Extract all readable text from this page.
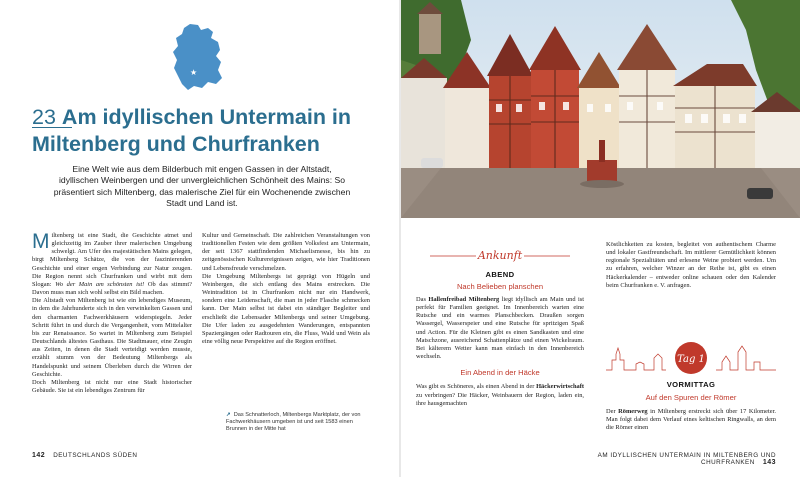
★
23 Am idyllischen Untermain in Miltenberg und Churfranken
Eine Welt wie aus dem Bilderbuch mit engen Gassen in der Altstadt, idyllischen Weinbergen und der unvergleichlichen Schönheit des Mains: So präsentiert sich Miltenberg, das malerische Ziel für ein Wochenende zwischen Stadt und Land ist.

Miltenberg ist eine Stadt, die Geschichte atmet und gleichzeitig im Zauber ihrer malerischen Umgebung schwelgt. Am Ufer des majestätischen Mains gelegen, birgt Miltenberg Schätze, die von der faszinierenden Geschichte und einer engen Verbindung zur Natur zeugen. Die Region nennt sich Churfranken und wirbt mit dem Slogan: Wo der Main am schönsten ist! Ob das stimmt? Davon muss man sich wohl selbst ein Bild machen.

Die Altstadt von Miltenberg ist wie ein lebendiges Museum, in dem die Jahrhunderte sich in den verwinkelten Gassen und den charmanten Fachwerkhäusern widerspiegeln. Jeder Schritt führt in und durch die Vergangenheit, vom Mittelalter bis zur Renaissance. So wartet in Miltenberg zum Beispiel Deutschlands ältestes Gasthaus. Die Stadtmauer, eine Zeugin aus Zeiten, in denen die Stadt verteidigt werden musste, erzählt stumm von der Bedeutung Miltenbergs als Handelspunkt und seinem Überleben durch die Wirren der Geschichte.

Doch Miltenberg ist nicht nur eine Stadt historischer Gebäude. Sie ist ein lebendiges Zentrum für

Kultur und Gemeinschaft. Die zahlreichen Veranstaltungen von traditionellen Festen wie dem größten Volksfest am Untermain, der seit 1367 stattfindenden Michaelismesse, bis hin zu zeitgenössischen Kulturereignissen zeigen, wie hier Traditionen und Lebensfreude verschmelzen.

Die Umgebung Miltenbergs ist geprägt von Hügeln und Weinbergen, die sich entlang des Mains erstrecken. Die Weintradition ist in Churfranken nicht nur ein Handwerk, sondern eine Leidenschaft, die man in jeder Flasche schmecken kann. Der Main selbst ist dabei ein ständiger Begleiter und erschließt die Lebensader Miltenbergs und seiner Umgebung. Die Ufer laden zu ausgedehnten Wanderungen, entspannten Spaziergängen oder Radtouren ein, die Fluss, Wald und Wein als eine völlig neue Perspektive auf die Region eröffnet.

↗ Das Schnatterloch, Miltenbergs Marktplatz, der von Fachwerkhäusern umgeben ist und seit 1583 einen Brunnen in der Mitte hat
142 DEUTSCHLANDS SÜDEN
Ankunft
ABEND
Nach Belieben planschen

Das Hallenfreibad Miltenberg liegt idyllisch am Main und ist perfekt für Familien geeignet. Im Innenbereich warten eine Rutsche und ein warmes Planschbecken. Draußen sorgen Wassergel, Wasserspeier und eine Rutsche für spritzigen Spaß und Action. Für die Kleinen gibt es einen Sandkasten und eine Matschzone, ausreichend Schattenplätze und einen Wickelraum. Bei kälterem Wetter kann man einfach in den Innenbereich wechseln.

Ein Abend in der Häcke

Was gibt es Schöneres, als einen Abend in der Häckerwirtschaft zu verbringen? Die Häcker, Weinbauern der Region, laden ein, ihre hausgemachten

Köstlichkeiten zu kosten, begleitet von authentischem Charme und lokaler Gastfreundschaft. Im mittlerer Gemütlichkeit können regionale Spezialitäten und erlesene Weine probiert werden. Um zu erfahren, welcher Winzer an der Reihe ist, gibt es einen Häckerkalender – entweder online schauen oder den Kalender beim Churfranken e. V. anfragen.

Tag 1
VORMITTAG
Auf den Spuren der Römer

Der Römerweg in Miltenberg erstreckt sich über 17 Kilometer. Man folgt dabei dem Verlauf eines keltischen Ringwalls, an dem die Römer einen

AM IDYLLISCHEN UNTERMAIN IN MILTENBERG UND CHURFRANKEN 143
